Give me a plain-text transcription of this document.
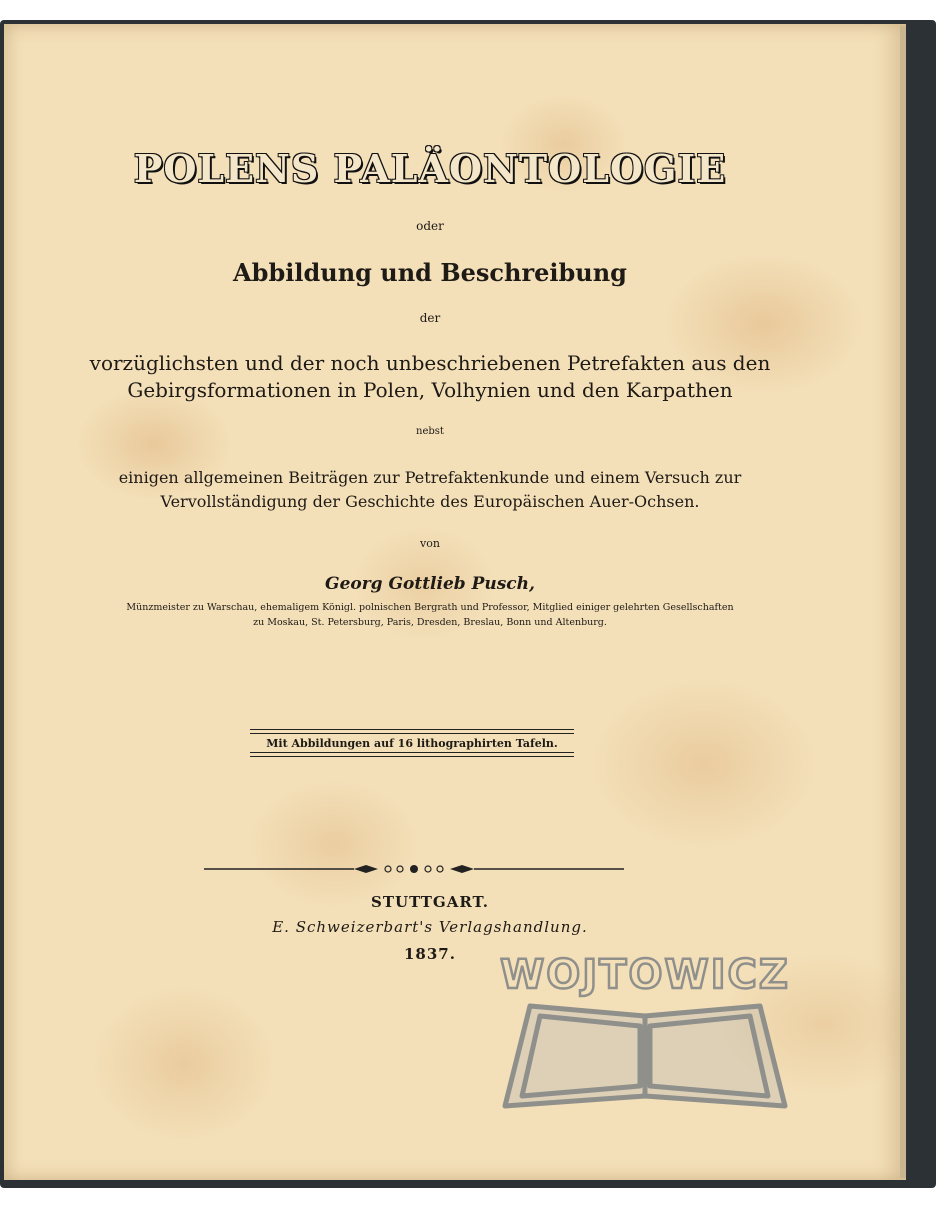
POLENS PALÄONTOLOGIE

oder

Abbildung und Beschreibung

der

vorzüglichsten und der noch unbeschriebenen Petrefakten aus den
Gebirgsformationen in Polen, Volhynien und den Karpathen

nebst

einigen allgemeinen Beiträgen zur Petrefaktenkunde und einem Versuch zur
Vervollständigung der Geschichte des Europäischen Auer-Ochsen.

von

Georg Gottlieb Pusch,

Münzmeister zu Warschau, ehemaligem Königl. polnischen Bergrath und Professor, Mitglied einiger gelehrten Gesellschaften
zu Moskau, St. Petersburg, Paris, Dresden, Breslau, Bonn und Altenburg.
Mit Abbildungen auf 16 lithographirten Tafeln.

STUTTGART.

E. Schweizerbart's Verlagshandlung.

1837.	WOJTOWICZ
